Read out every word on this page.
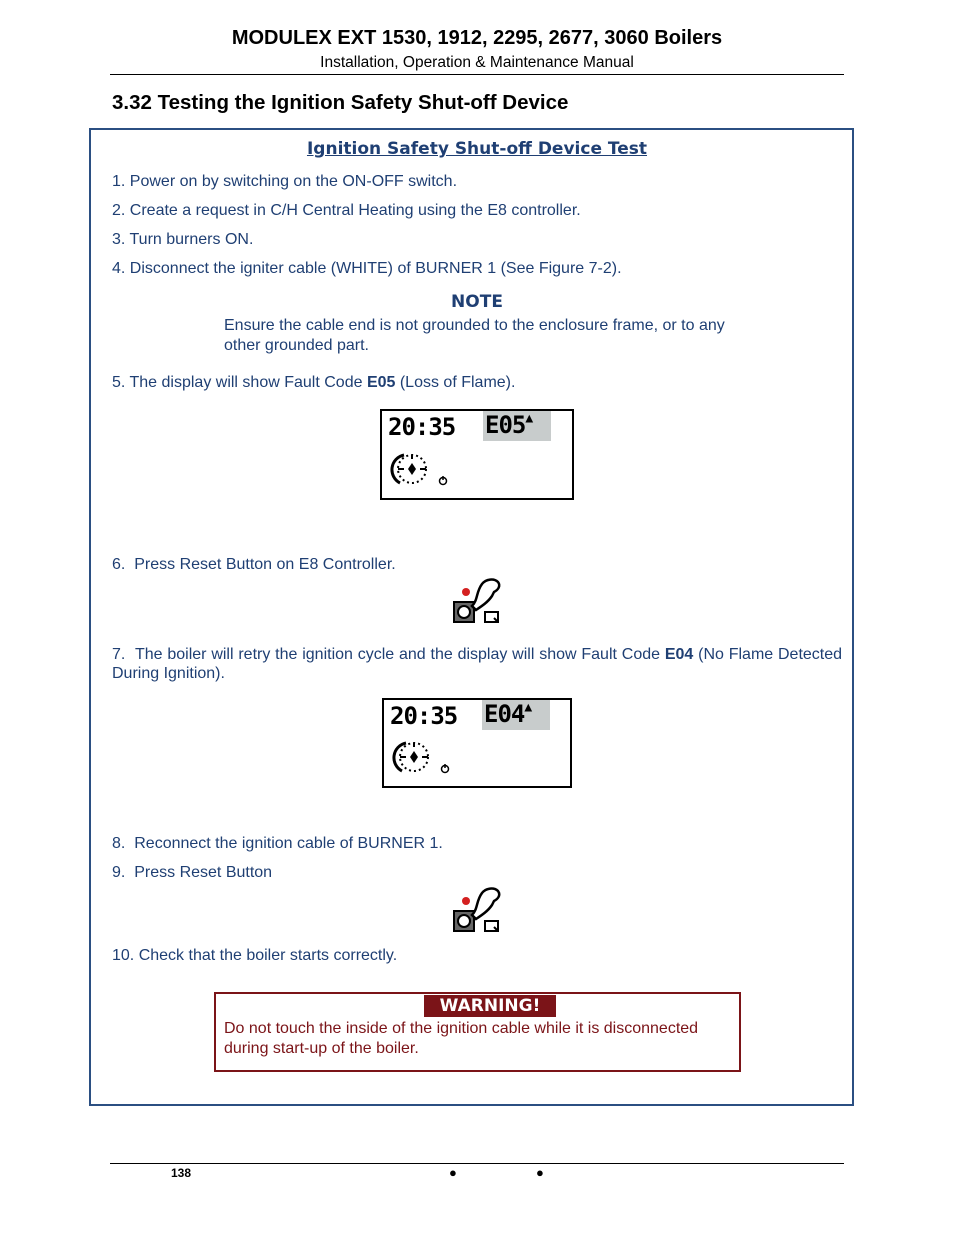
MODULEX EXT 1530, 1912, 2295, 2677, 3060 Boilers
Installation, Operation & Maintenance Manual
3.32 Testing the Ignition Safety Shut-off Device
Ignition Safety Shut-off Device Test
1. Power on by switching on the ON-OFF switch.
2. Create a request in C/H Central Heating using the E8 controller.
3. Turn burners ON.
4. Disconnect the igniter cable (WHITE) of BURNER 1 (See Figure 7-2).
NOTE
Ensure the cable end is not grounded to the enclosure frame, or to any other grounded part.
5. The display will show Fault Code E05 (Loss of Flame).
20:35 E05▲
6. Press Reset Button on E8 Controller.
7. The boiler will retry the ignition cycle and the display will show Fault Code E04 (No Flame Detected During Ignition).
20:35 E04▲
8. Reconnect the ignition cable of BURNER 1.
9. Press Reset Button
10. Check that the boiler starts correctly.
WARNING!
Do not touch the inside of the ignition cable while it is disconnected during start-up of the boiler.
138	●	●
